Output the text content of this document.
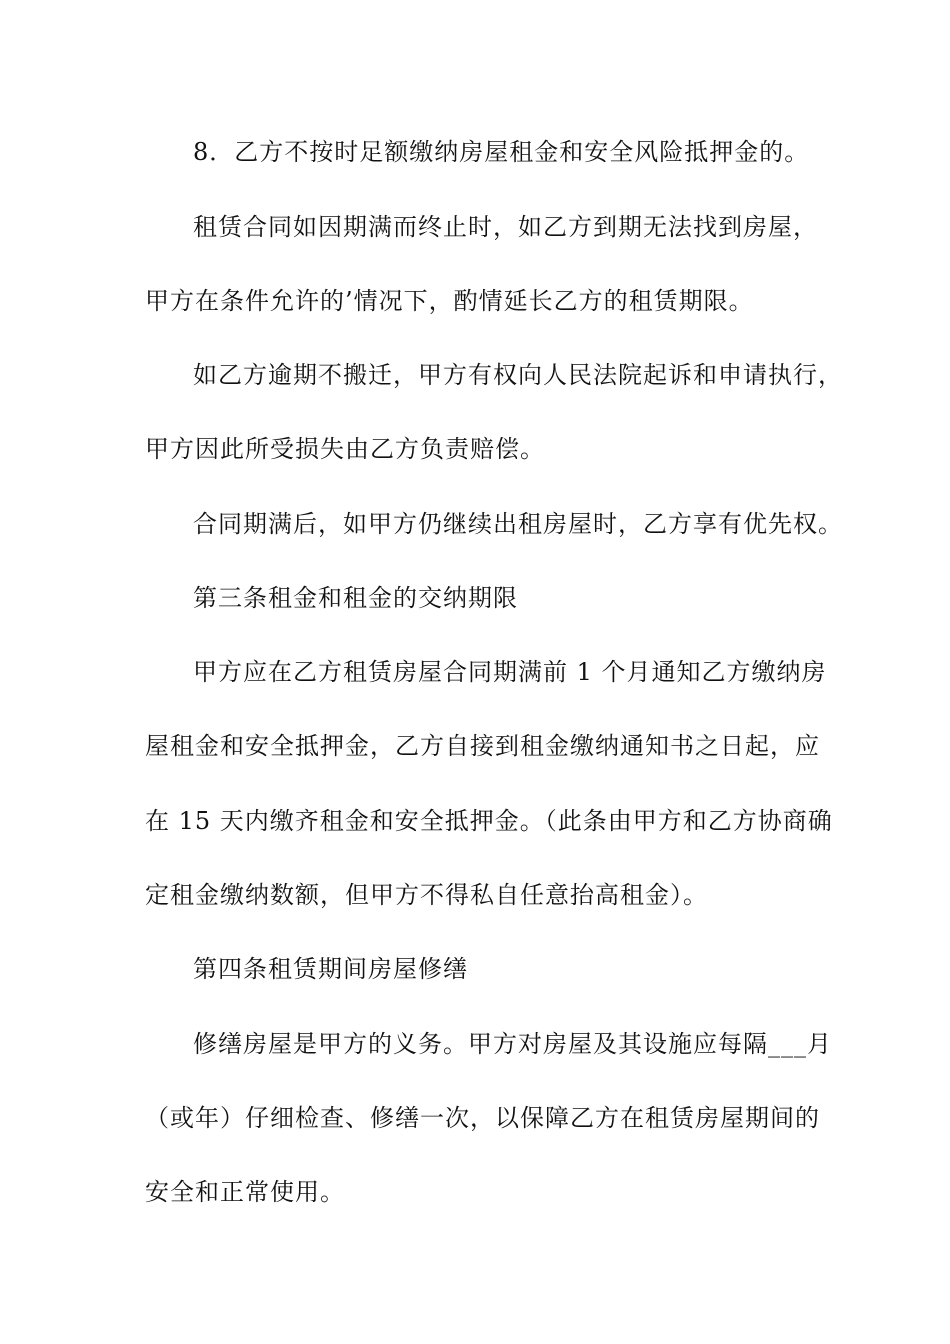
8．乙方不按时足额缴纳房屋租金和安全风险抵押金的。
租赁合同如因期满而终止时，如乙方到期无法找到房屋，
甲方在条件允许的’情况下，酌情延长乙方的租赁期限。
如乙方逾期不搬迁，甲方有权向人民法院起诉和申请执行，
甲方因此所受损失由乙方负责赔偿。
合同期满后，如甲方仍继续出租房屋时，乙方享有优先权。
第三条租金和租金的交纳期限
甲方应在乙方租赁房屋合同期满前 1 个月通知乙方缴纳房
屋租金和安全抵押金，乙方自接到租金缴纳通知书之日起，应
在 15 天内缴齐租金和安全抵押金。（此条由甲方和乙方协商确
定租金缴纳数额，但甲方不得私自任意抬高租金）。
第四条租赁期间房屋修缮
修缮房屋是甲方的义务。甲方对房屋及其设施应每隔___月
（或年）仔细检查、修缮一次，以保障乙方在租赁房屋期间的
安全和正常使用。
